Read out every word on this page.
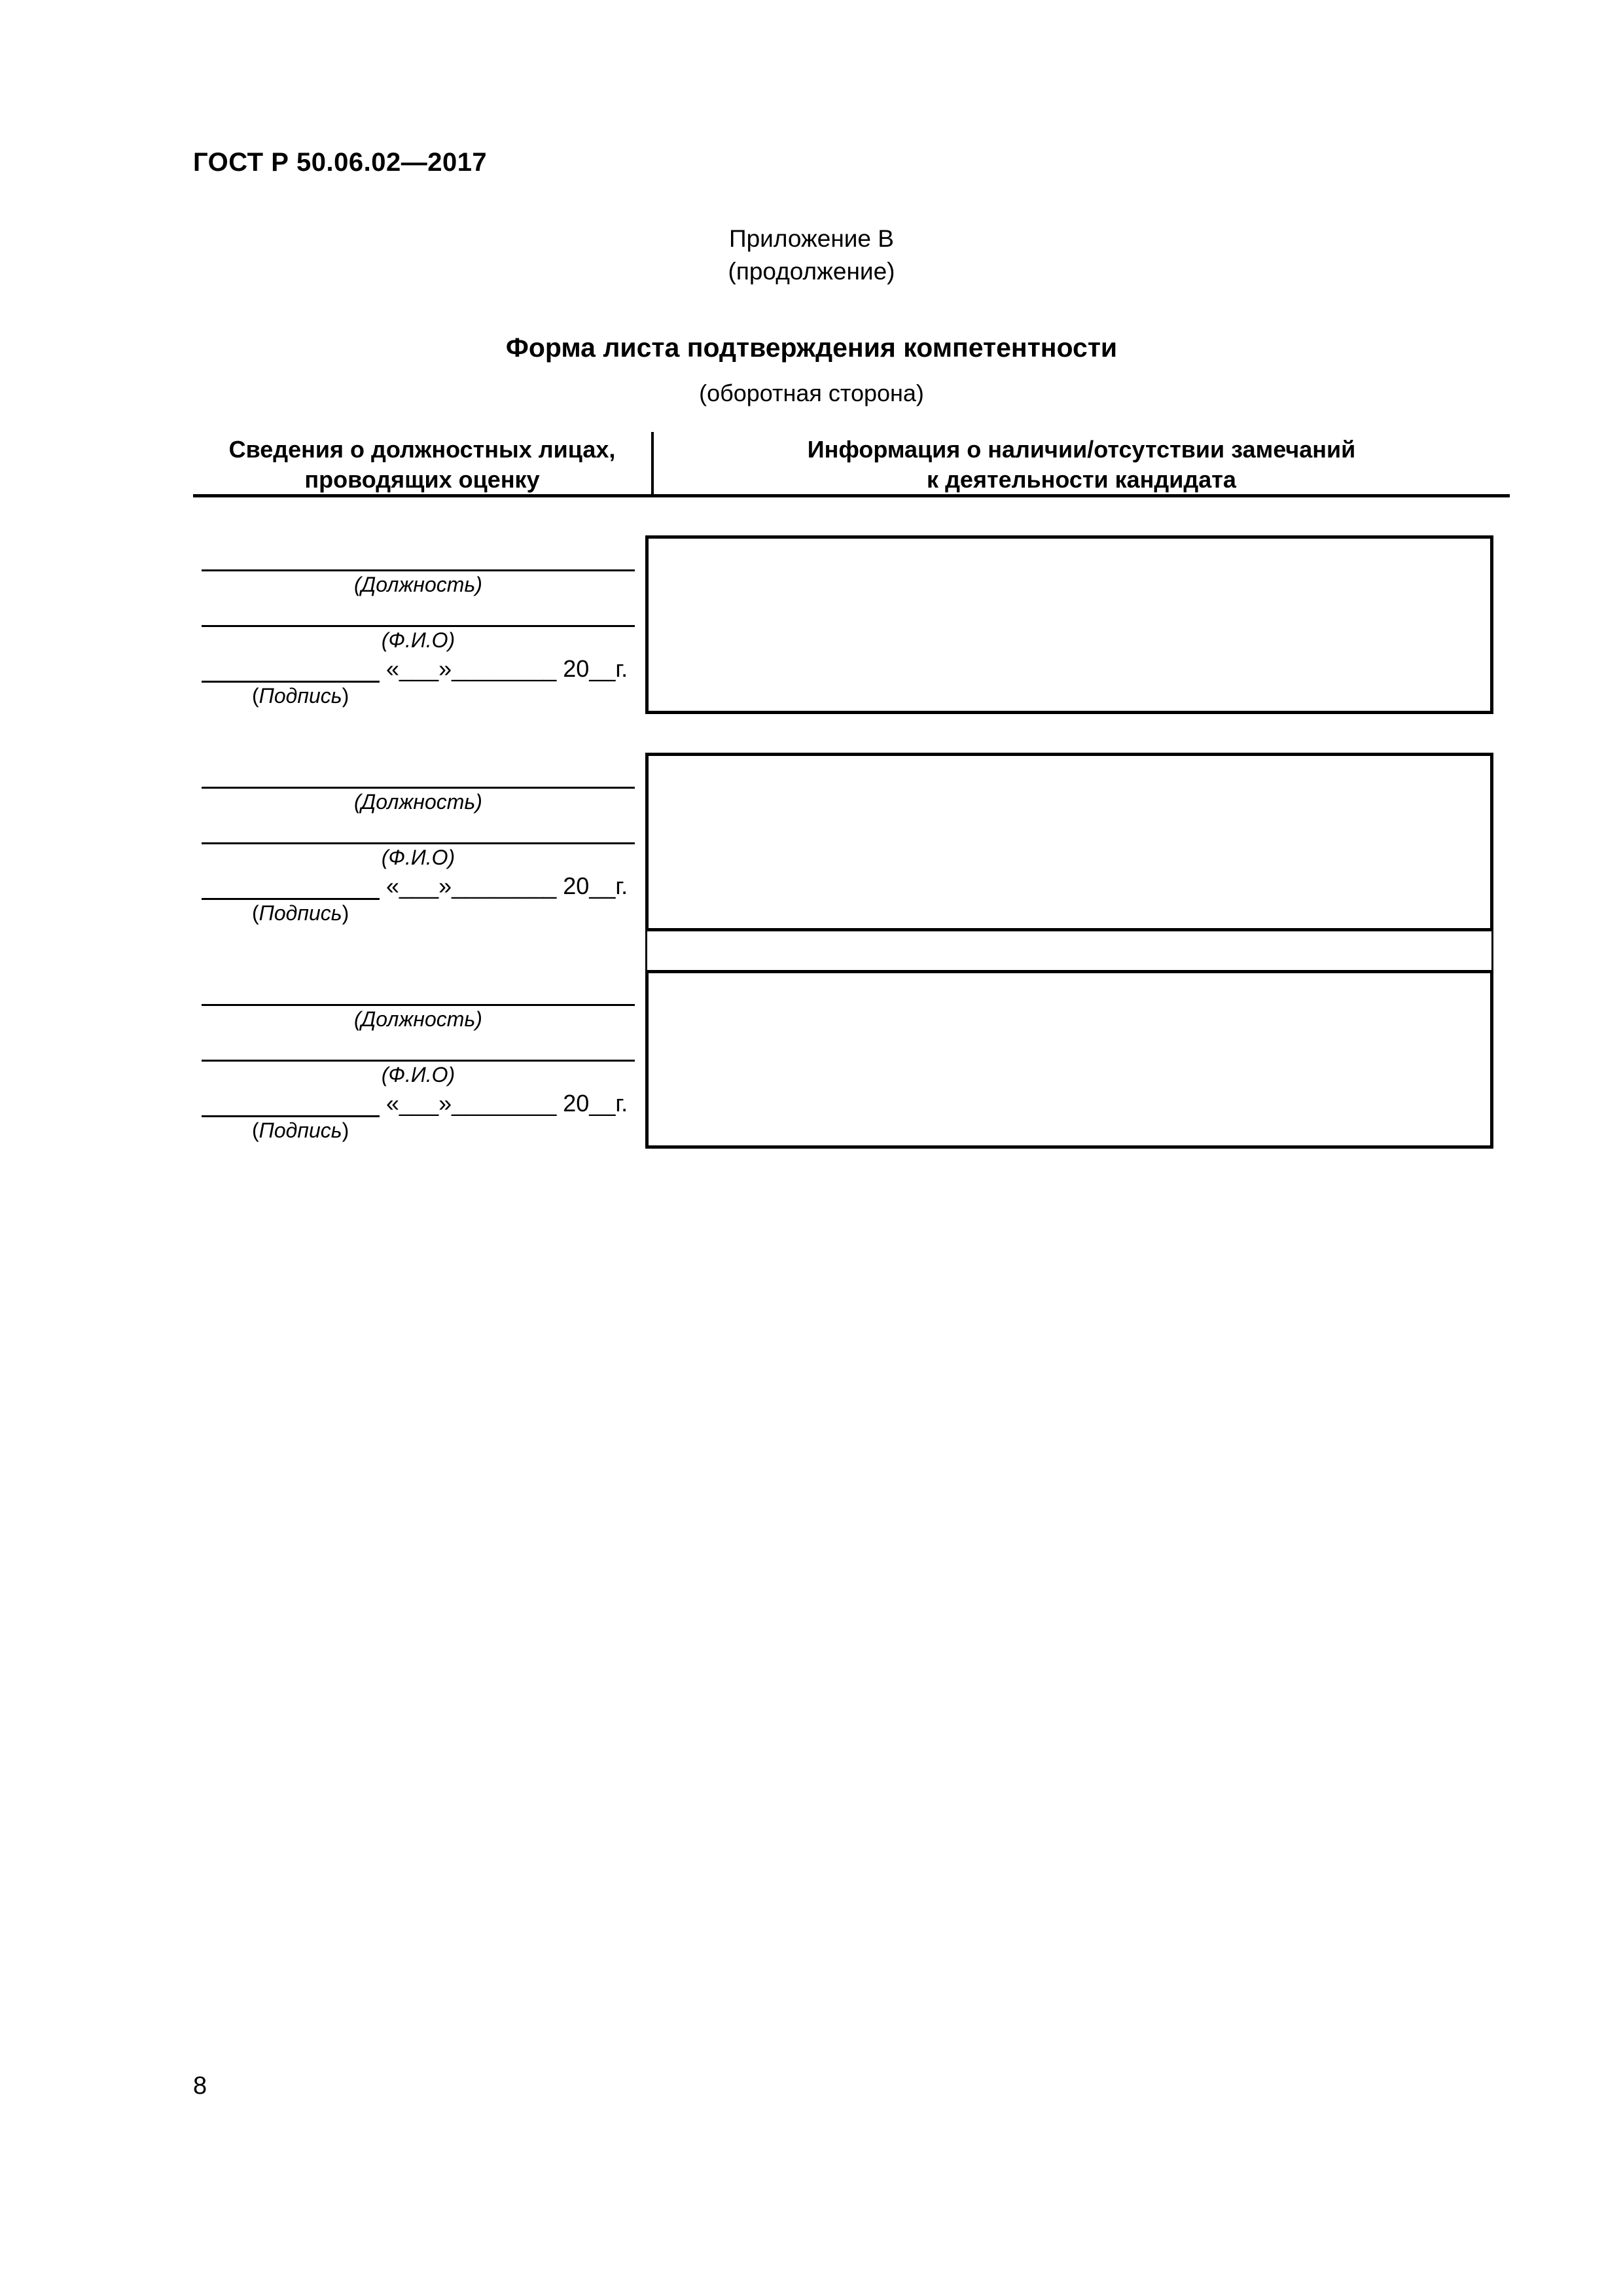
ГОСТ Р 50.06.02—2017
Приложение В
(продолжение)
Форма листа подтверждения компетентности
(оборотная сторона)
Сведения о должностных лицах,
проводящих оценку
Информация о наличии/отсутствии замечаний
к деятельности кандидата
(Должность)
(Ф.И.О)
«___»________ 20__г.
(Подпись)
(Должность)
(Ф.И.О)
«___»________ 20__г.
(Подпись)
(Должность)
(Ф.И.О)
«___»________ 20__г.
(Подпись)
8
